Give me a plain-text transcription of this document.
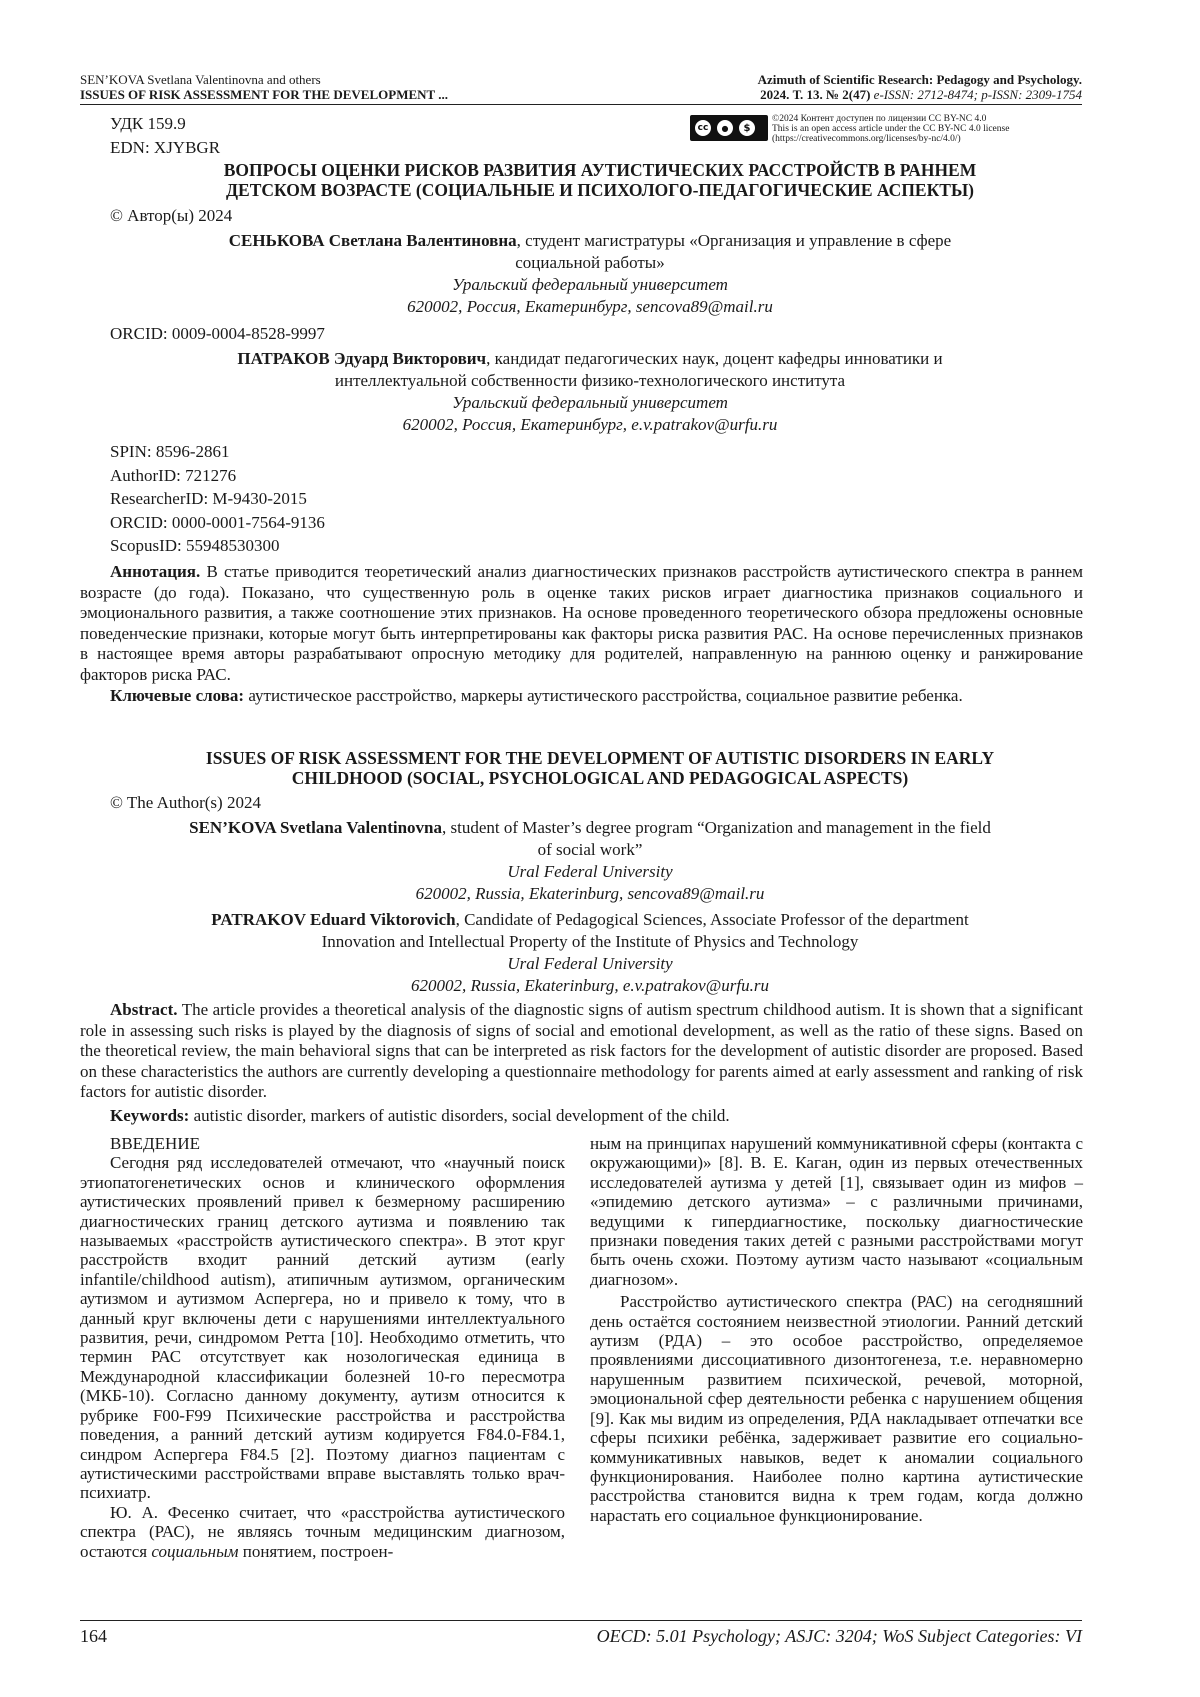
SEN’KOVA Svetlana Valentinovna and others
ISSUES OF RISK ASSESSMENT FOR THE DEVELOPMENT ...
Azimuth of Scientific Research: Pedagogy and Psychology.
2024. Т. 13. № 2(47) e-ISSN: 2712-8474; p-ISSN: 2309-1754
УДК 159.9
EDN: XJYBGR
cc	●	$
©2024 Контент доступен по лицензии CC BY-NC 4.0
This is an open access article under the CC BY-NC 4.0 license
(https://creativecommons.org/licenses/by-nc/4.0/)
ВОПРОСЫ ОЦЕНКИ РИСКОВ РАЗВИТИЯ АУТИСТИЧЕСКИХ РАССТРОЙСТВ В РАННЕМ
ДЕТСКОМ ВОЗРАСТЕ (СОЦИАЛЬНЫЕ И ПСИХОЛОГО-ПЕДАГОГИЧЕСКИЕ АСПЕКТЫ)
© Автор(ы) 2024
СЕНЬКОВА Светлана Валентиновна, студент магистратуры «Организация и управление в сфере
социальной работы»
Уральский федеральный университет
620002, Россия, Екатеринбург, sencova89@mail.ru
ORCID: 0009-0004-8528-9997
ПАТРАКОВ Эдуард Викторович, кандидат педагогических наук, доцент кафедры инноватики и
интеллектуальной собственности физико-технологического института
Уральский федеральный университет
620002, Россия, Екатеринбург, e.v.patrakov@urfu.ru
SPIN: 8596-2861
AuthorID: 721276
ResearcherID: M-9430-2015
ORCID: 0000-0001-7564-9136
ScopusID: 55948530300
Аннотация. В статье приводится теоретический анализ диагностических признаков расстройств аутистического спектра в раннем возрасте (до года). Показано, что существенную роль в оценке таких рисков играет диагностика признаков социального и эмоционального развития, а также соотношение этих признаков. На основе проведенного теоретического обзора предложены основные поведенческие признаки, которые могут быть интерпретированы как факторы риска развития РАС. На основе перечисленных признаков в настоящее время авторы разрабатывают опросную методику для родителей, направленную на раннюю оценку и ранжирование факторов риска РАС.
Ключевые слова: аутистическое расстройство, маркеры аутистического расстройства, социальное развитие ребенка.
ISSUES OF RISK ASSESSMENT FOR THE DEVELOPMENT OF AUTISTIC DISORDERS IN EARLY
CHILDHOOD (SOCIAL, PSYCHOLOGICAL AND PEDAGOGICAL ASPECTS)
© The Author(s) 2024
SEN’KOVA Svetlana Valentinovna, student of Master’s degree program “Organization and management in the field
of social work”
Ural Federal University
620002, Russia, Ekaterinburg, sencova89@mail.ru
PATRAKOV Eduard Viktorovich, Candidate of Pedagogical Sciences, Associate Professor of the department
Innovation and Intellectual Property of the Institute of Physics and Technology
Ural Federal University
620002, Russia, Ekaterinburg, e.v.patrakov@urfu.ru
Abstract. The article provides a theoretical analysis of the diagnostic signs of autism spectrum childhood autism. It is shown that a significant role in assessing such risks is played by the diagnosis of signs of social and emotional development, as well as the ratio of these signs. Based on the theoretical review, the main behavioral signs that can be interpreted as risk factors for the development of autistic disorder are proposed. Based on these characteristics the authors are currently developing a questionnaire methodology for parents aimed at early assessment and ranking of risk factors for autistic disorder.
Keywords: autistic disorder, markers of autistic disorders, social development of the child.
ВВЕДЕНИЕ

Сегодня ряд исследователей отмечают, что «научный поиск этиопатогенетических основ и клинического оформления аутистических проявлений привел к безмерному расширению диагностических границ детского аутизма и появлению так называемых «расстройств аутистического спектра». В этот круг расстройств входит ранний детский аутизм (early infantile/childhood autism), атипичным аутизмом, органическим аутизмом и аутизмом Аспергера, но и привело к тому, что в данный круг включены дети с нарушениями интеллектуального развития, речи, синдромом Ретта [10]. Необходимо отметить, что термин РАС отсутствует как нозологическая единица в Международной классификации болезней 10-го пересмотра (МКБ-10). Согласно данному документу, аутизм относится к рубрике F00-F99 Психические расстройства и расстройства поведения, а ранний детский аутизм кодируется F84.0-F84.1, синдром Аспергера F84.5 [2]. Поэтому диагноз пациентам с аутистическими расстройствами вправе выставлять только врач-психиатр.

Ю. А. Фесенко считает, что «расстройства аутистического спектра (РАС), не являясь точным медицинским диагнозом, остаются социальным понятием, построен-

ным на принципах нарушений коммуникативной сферы (контакта с окружающими)» [8]. В. Е. Каган, один из первых отечественных исследователей аутизма у детей [1], связывает один из мифов – «эпидемию детского аутизма» – с различными причинами, ведущими к гипердиагностике, поскольку диагностические признаки поведения таких детей с разными расстройствами могут быть очень схожи. Поэтому аутизм часто называют «социальным диагнозом».

Расстройство аутистического спектра (РАС) на сегодняшний день остаётся состоянием неизвестной этиологии. Ранний детский аутизм (РДА) – это особое расстройство, определяемое проявлениями диссоциативного дизонтогенеза, т.е. неравномерно нарушенным развитием психической, речевой, моторной, эмоциональной сфер деятельности ребенка с нарушением общения [9]. Как мы видим из определения, РДА накладывает отпечатки все сферы психики ребёнка, задерживает развитие его социально-коммуникативных навыков, ведет к аномалии социального функционирования. Наиболее полно картина аутистические расстройства становится видна к трем годам, когда должно нарастать его социальное функционирование.

164	OECD: 5.01 Psychology; ASJC: 3204; WoS Subject Categories: VI
